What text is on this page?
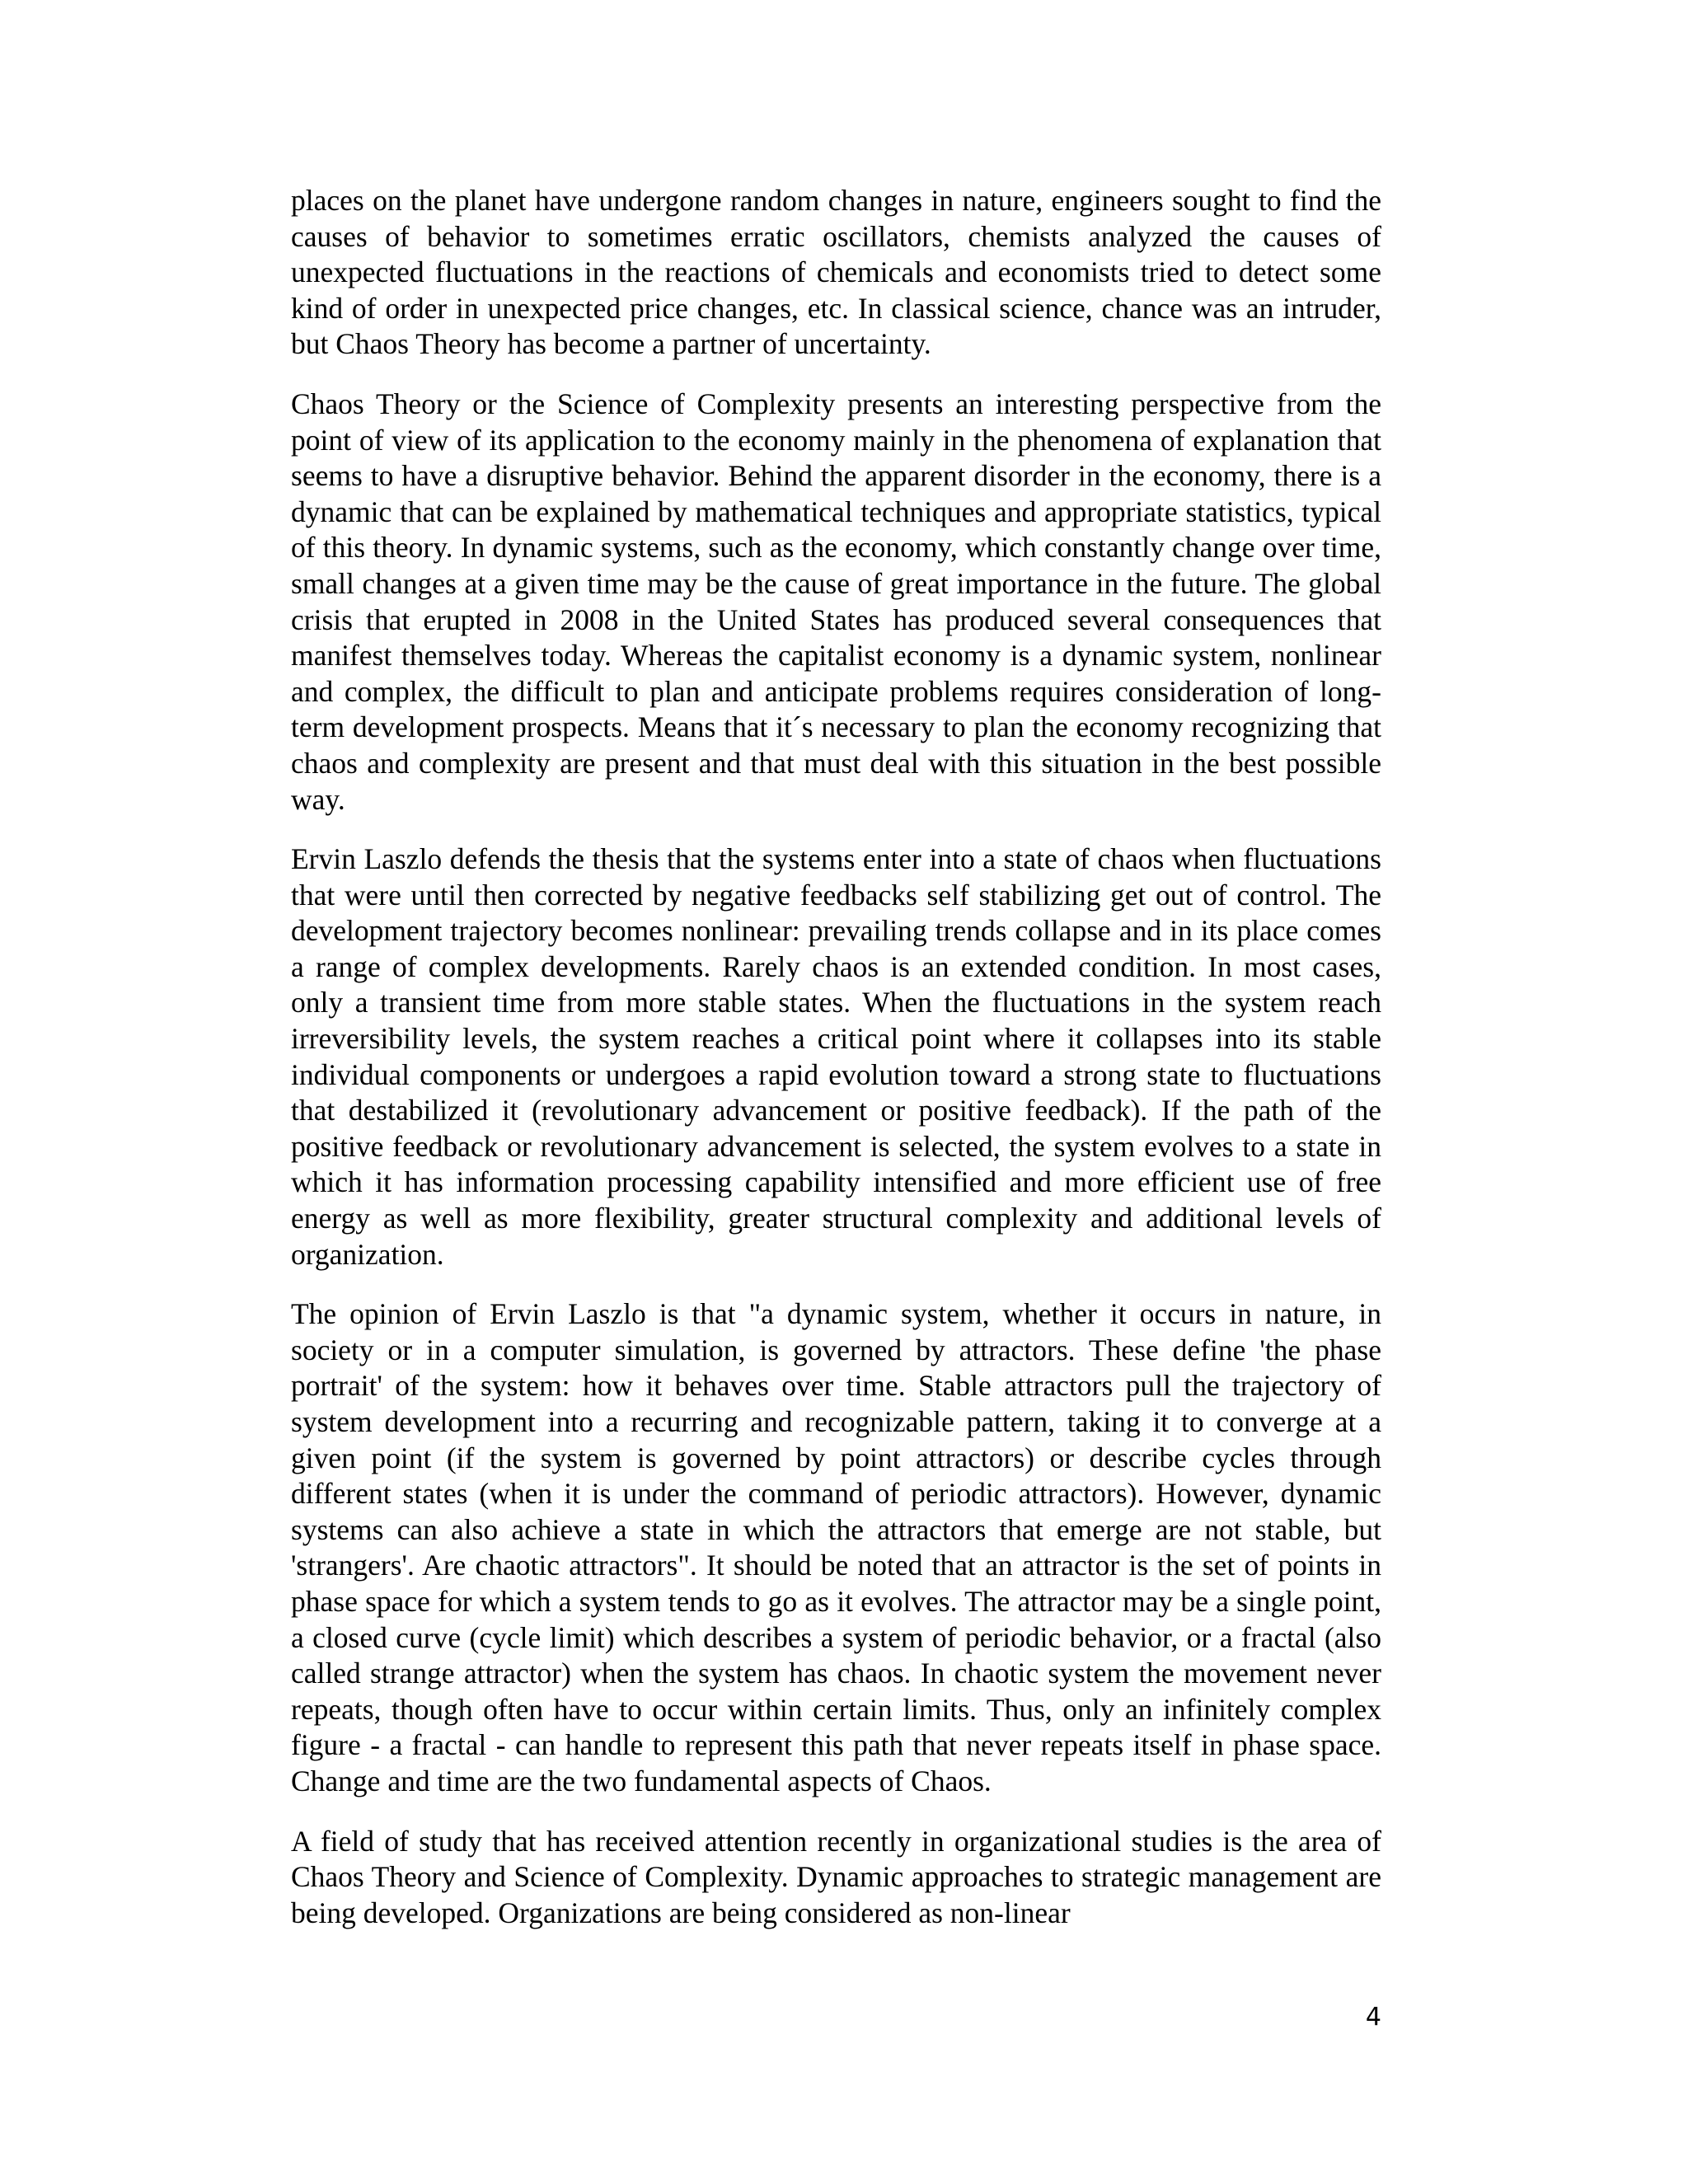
places on the planet have undergone random changes in nature, engineers sought to find the causes of behavior to sometimes erratic oscillators, chemists analyzed the causes of unexpected fluctuations in the reactions of chemicals and economists tried to detect some kind of order in unexpected price changes, etc. In classical science, chance was an intruder, but Chaos Theory has become a partner of uncertainty.

Chaos Theory or the Science of Complexity presents an interesting perspective from the point of view of its application to the economy mainly in the phenomena of explanation that seems to have a disruptive behavior. Behind the apparent disorder in the economy, there is a dynamic that can be explained by mathematical techniques and appropriate statistics, typical of this theory. In dynamic systems, such as the economy, which constantly change over time, small changes at a given time may be the cause of great importance in the future. The global crisis that erupted in 2008 in the United States has produced several consequences that manifest themselves today. Whereas the capitalist economy is a dynamic system, nonlinear and complex, the difficult to plan and anticipate problems requires consideration of long-term development prospects. Means that it´s necessary to plan the economy recognizing that chaos and complexity are present and that must deal with this situation in the best possible way.

Ervin Laszlo defends the thesis that the systems enter into a state of chaos when fluctuations that were until then corrected by negative feedbacks self stabilizing get out of control. The development trajectory becomes nonlinear: prevailing trends collapse and in its place comes a range of complex developments. Rarely chaos is an extended condition. In most cases, only a transient time from more stable states. When the fluctuations in the system reach irreversibility levels, the system reaches a critical point where it collapses into its stable individual components or undergoes a rapid evolution toward a strong state to fluctuations that destabilized it (revolutionary advancement or positive feedback). If the path of the positive feedback or revolutionary advancement is selected, the system evolves to a state in which it has information processing capability intensified and more efficient use of free energy as well as more flexibility, greater structural complexity and additional levels of organization.

The opinion of Ervin Laszlo is that "a dynamic system, whether it occurs in nature, in society or in a computer simulation, is governed by attractors. These define 'the phase portrait' of the system: how it behaves over time. Stable attractors pull the trajectory of system development into a recurring and recognizable pattern, taking it to converge at a given point (if the system is governed by point attractors) or describe cycles through different states (when it is under the command of periodic attractors). However, dynamic systems can also achieve a state in which the attractors that emerge are not stable, but 'strangers'. Are chaotic attractors". It should be noted that an attractor is the set of points in phase space for which a system tends to go as it evolves. The attractor may be a single point, a closed curve (cycle limit) which describes a system of periodic behavior, or a fractal (also called strange attractor) when the system has chaos. In chaotic system the movement never repeats, though often have to occur within certain limits. Thus, only an infinitely complex figure - a fractal - can handle to represent this path that never repeats itself in phase space. Change and time are the two fundamental aspects of Chaos.

A field of study that has received attention recently in organizational studies is the area of Chaos Theory and Science of Complexity. Dynamic approaches to strategic management are being developed. Organizations are being considered as non-linear

4
